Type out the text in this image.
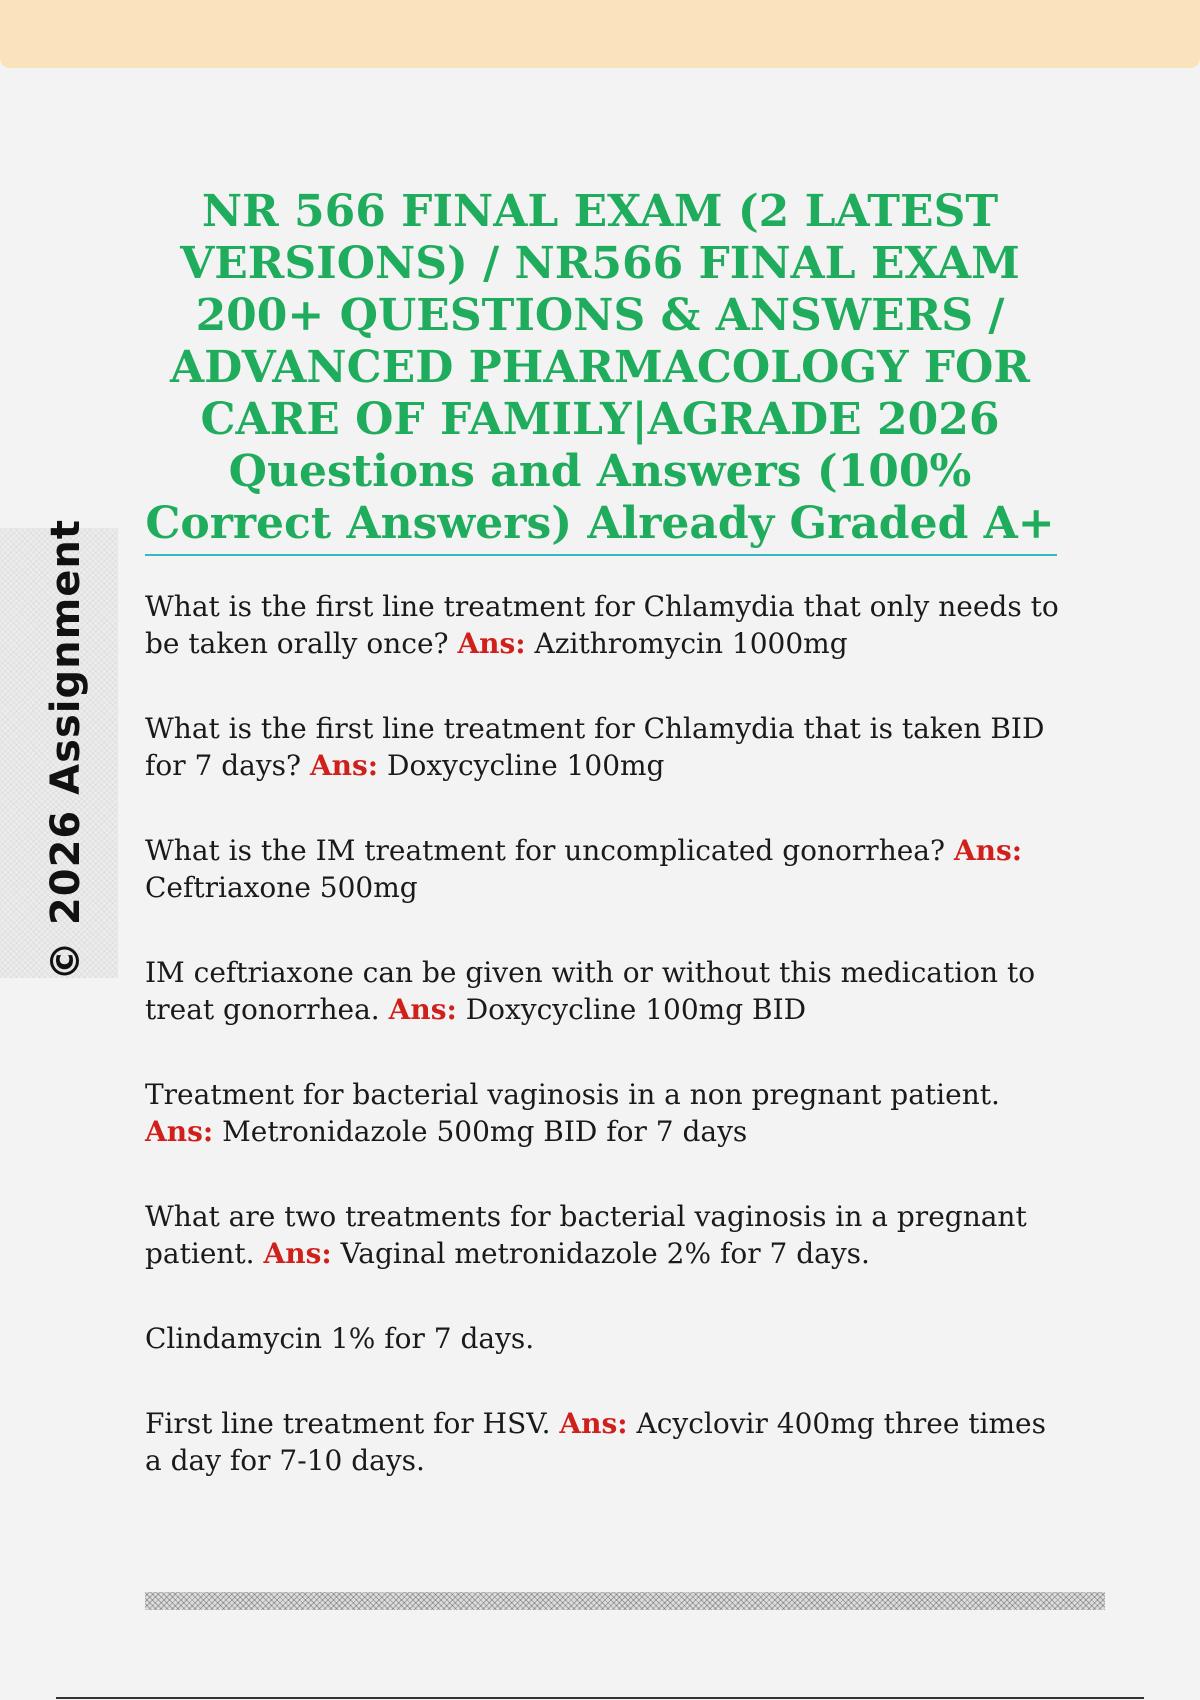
© 2026 Assignment
NR 566 FINAL EXAM (2 LATEST VERSIONS) / NR566 FINAL EXAM 200+ QUESTIONS & ANSWERS / ADVANCED PHARMACOLOGY FOR CARE OF FAMILY|AGRADE 2026 Questions and Answers (100% Correct Answers) Already Graded A+

What is the first line treatment for Chlamydia that only needs to be taken orally once? Ans: Azithromycin 1000mg

What is the first line treatment for Chlamydia that is taken BID for 7 days? Ans: Doxycycline 100mg

What is the IM treatment for uncomplicated gonorrhea? Ans: Ceftriaxone 500mg

IM ceftriaxone can be given with or without this medication to treat gonorrhea. Ans: Doxycycline 100mg BID

Treatment for bacterial vaginosis in a non pregnant patient. Ans: Metronidazole 500mg BID for 7 days

What are two treatments for bacterial vaginosis in a pregnant patient. Ans: Vaginal metronidazole 2% for 7 days.

Clindamycin 1% for 7 days.

First line treatment for HSV. Ans: Acyclovir 400mg three times a day for 7-10 days.
